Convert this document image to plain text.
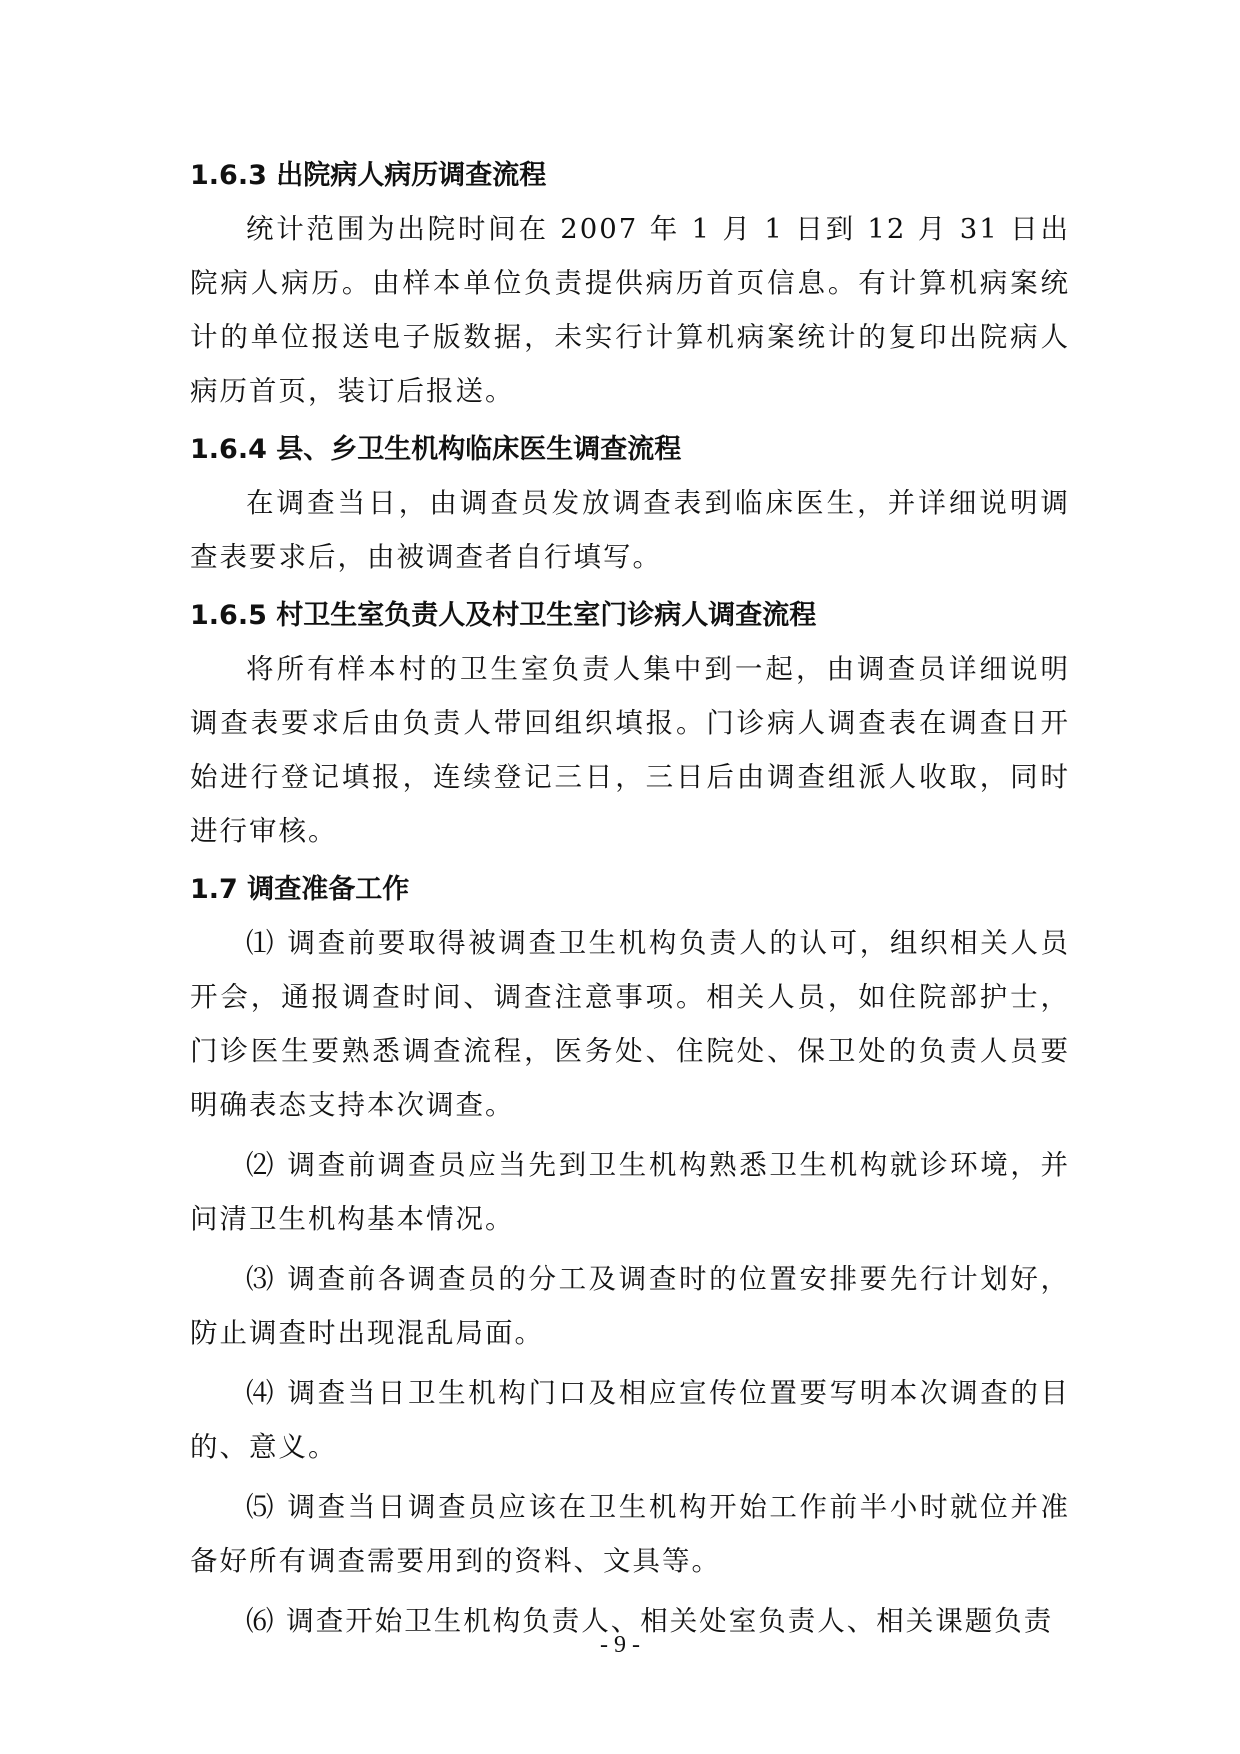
1.6.3 出院病人病历调查流程

统计范围为出院时间在 2007 年 1 月 1 日到 12 月 31 日出院病人病历。由样本单位负责提供病历首页信息。有计算机病案统计的单位报送电子版数据，未实行计算机病案统计的复印出院病人病历首页，装订后报送。

1.6.4 县、乡卫生机构临床医生调查流程

在调查当日，由调查员发放调查表到临床医生，并详细说明调查表要求后，由被调查者自行填写。

1.6.5 村卫生室负责人及村卫生室门诊病人调查流程

将所有样本村的卫生室负责人集中到一起，由调查员详细说明调查表要求后由负责人带回组织填报。门诊病人调查表在调查日开始进行登记填报，连续登记三日，三日后由调查组派人收取，同时进行审核。

1.7 调查准备工作

⑴ 调查前要取得被调查卫生机构负责人的认可，组织相关人员开会，通报调查时间、调查注意事项。相关人员，如住院部护士，门诊医生要熟悉调查流程，医务处、住院处、保卫处的负责人员要明确表态支持本次调查。

⑵ 调查前调查员应当先到卫生机构熟悉卫生机构就诊环境，并问清卫生机构基本情况。

⑶ 调查前各调查员的分工及调查时的位置安排要先行计划好，防止调查时出现混乱局面。

⑷ 调查当日卫生机构门口及相应宣传位置要写明本次调查的目的、意义。

⑸ 调查当日调查员应该在卫生机构开始工作前半小时就位并准备好所有调查需要用到的资料、文具等。

⑹ 调查开始卫生机构负责人、相关处室负责人、相关课题负责

- 9 -
